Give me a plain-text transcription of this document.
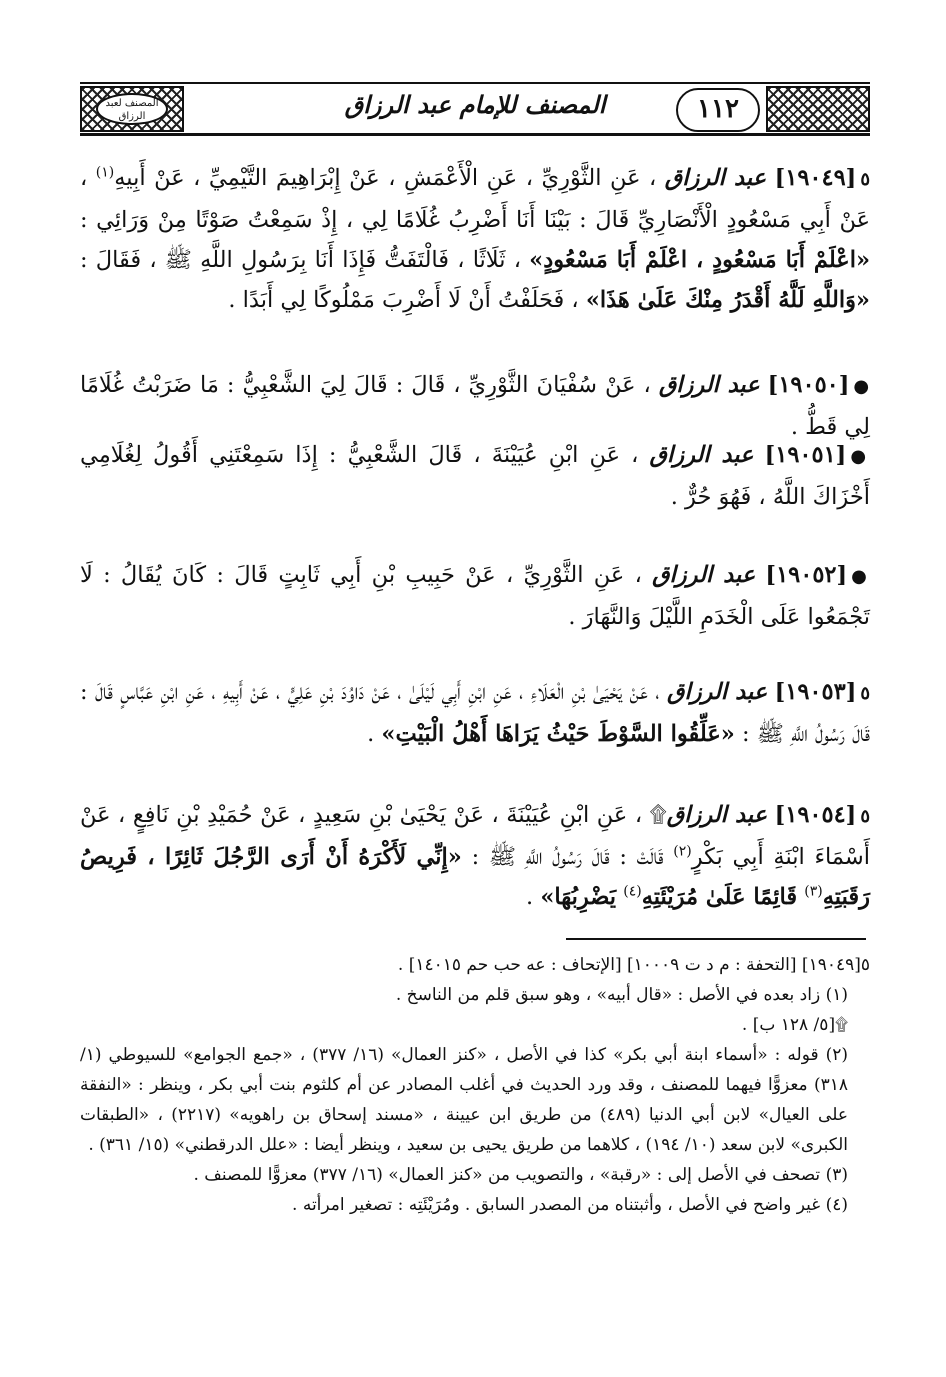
المصنف لعبد الرزاق	١١٢
المصنف للإمام عبد الرزاق

٥[١٩٠٤٩] عبد الرزاق ، عَنِ الثَّوْرِيِّ ، عَنِ الْأَعْمَشِ ، عَنْ إِبْرَاهِيمَ التَّيْمِيِّ ، عَنْ أَبِيهِ$^{(١)}$ ، عَنْ أَبِي مَسْعُودٍ الْأَنْصَارِيِّ قَالَ : بَيْنَا أَنَا أَضْرِبُ غُلَامًا لِي ، إِذْ سَمِعْتُ صَوْتًا مِنْ وَرَائِي : «اعْلَمْ أَبَا مَسْعُودٍ ، اعْلَمْ أَبَا مَسْعُودٍ» ، ثَلَاثًا ، فَالْتَفَتُّ فَإِذَا أَنَا بِرَسُولِ اللَّهِ ﷺ ، فَقَالَ : «وَاللَّهِ لَلَّهُ أَقْدَرُ مِنْكَ عَلَىٰ هَذَا» ، فَحَلَفْتُ أَنْ لَا أَضْرِبَ مَمْلُوكًا لِي أَبَدًا .

●[١٩٠٥٠] عبد الرزاق ، عَنْ سُفْيَانَ الثَّوْرِيِّ ، قَالَ : قَالَ لِيَ الشَّعْبِيُّ : مَا ضَرَبْتُ غُلَامًا لِي قَطُّ .

●[١٩٠٥١] عبد الرزاق ، عَنِ ابْنِ عُيَيْنَةَ ، قَالَ الشَّعْبِيُّ : إِذَا سَمِعْتَنِي أَقُولُ لِغُلَامِي أَخْزَاكَ اللَّهُ ، فَهُوَ حُرٌّ .

●[١٩٠٥٢] عبد الرزاق ، عَنِ الثَّوْرِيِّ ، عَنْ حَبِيبِ بْنِ أَبِي ثَابِتٍ قَالَ : كَانَ يُقَالُ : لَا تَجْمَعُوا عَلَى الْخَدَمِ اللَّيْلَ وَالنَّهَارَ .

٥[١٩٠٥٣] عبد الرزاق ، عَنْ يَحْيَىٰ بْنِ الْعَلَاءِ ، عَنِ ابْنِ أَبِي لَيْلَىٰ ، عَنْ دَاوُدَ بْنِ عَلِيٍّ ، عَنْ أَبِيهِ ، عَنِ ابْنِ عَبَّاسٍ قَالَ : قَالَ رَسُولُ اللَّهِ ﷺ : «عَلِّقُوا السَّوْطَ حَيْثُ يَرَاهَا أَهْلُ الْبَيْتِ» .

٥[١٩٠٥٤] عبد الرزاق۩ ، عَنِ ابْنِ عُيَيْنَةَ ، عَنْ يَحْيَىٰ بْنِ سَعِيدٍ ، عَنْ حُمَيْدِ بْنِ نَافِعٍ ، عَنْ أَسْمَاءَ ابْنَةِ أَبِي بَكْرٍ$^{(٢)}$ قَالَتْ : قَالَ رَسُولُ اللَّهِ ﷺ : «إِنِّي لَأَكْرَهُ أَنْ أَرَى الرَّجُلَ ثَائِرًا ، فَرِيصُ رَقَبَتِهِ$^{(٣)}$ قَائِمًا عَلَىٰ مُرَيْئَتِهِ$^{(٤)}$ يَضْرِبُهَا» .

٥[١٩٠٤٩] [التحفة : م د ت ١٠٠٠٩] [الإتحاف : عه حب حم ١٤٠١٥] .

(١) زاد بعده في الأصل : «قال أبيه» ، وهو سبق قلم من الناسخ .

۩[٥/ ١٢٨ ب] .

(٢) قوله : «أسماء ابنة أبي بكر» كذا في الأصل ، «كنز العمال» (١٦/ ٣٧٧) ، «جمع الجوامع» للسيوطي (١/ ٣١٨) معزوًّا فيهما للمصنف ، وقد ورد الحديث في أغلب المصادر عن أم كلثوم بنت أبي بكر ، وينظر : «النفقة على العيال» لابن أبي الدنيا (٤٨٩) من طريق ابن عيينة ، «مسند إسحاق بن راهويه» (٢٢١٧) ، «الطبقات الكبرى» لابن سعد (١٠/ ١٩٤) ، كلاهما من طريق يحيى بن سعيد ، وينظر أيضا : «علل الدرقطني» (١٥/ ٣٦١) .

(٣) تصحف في الأصل إلى : «رقبة» ، والتصويب من «كنز العمال» (١٦/ ٣٧٧) معزوًّا للمصنف .

(٤) غير واضح في الأصل ، وأثبتناه من المصدر السابق . ومُرَيْئَتِه : تصغير امرأته .
